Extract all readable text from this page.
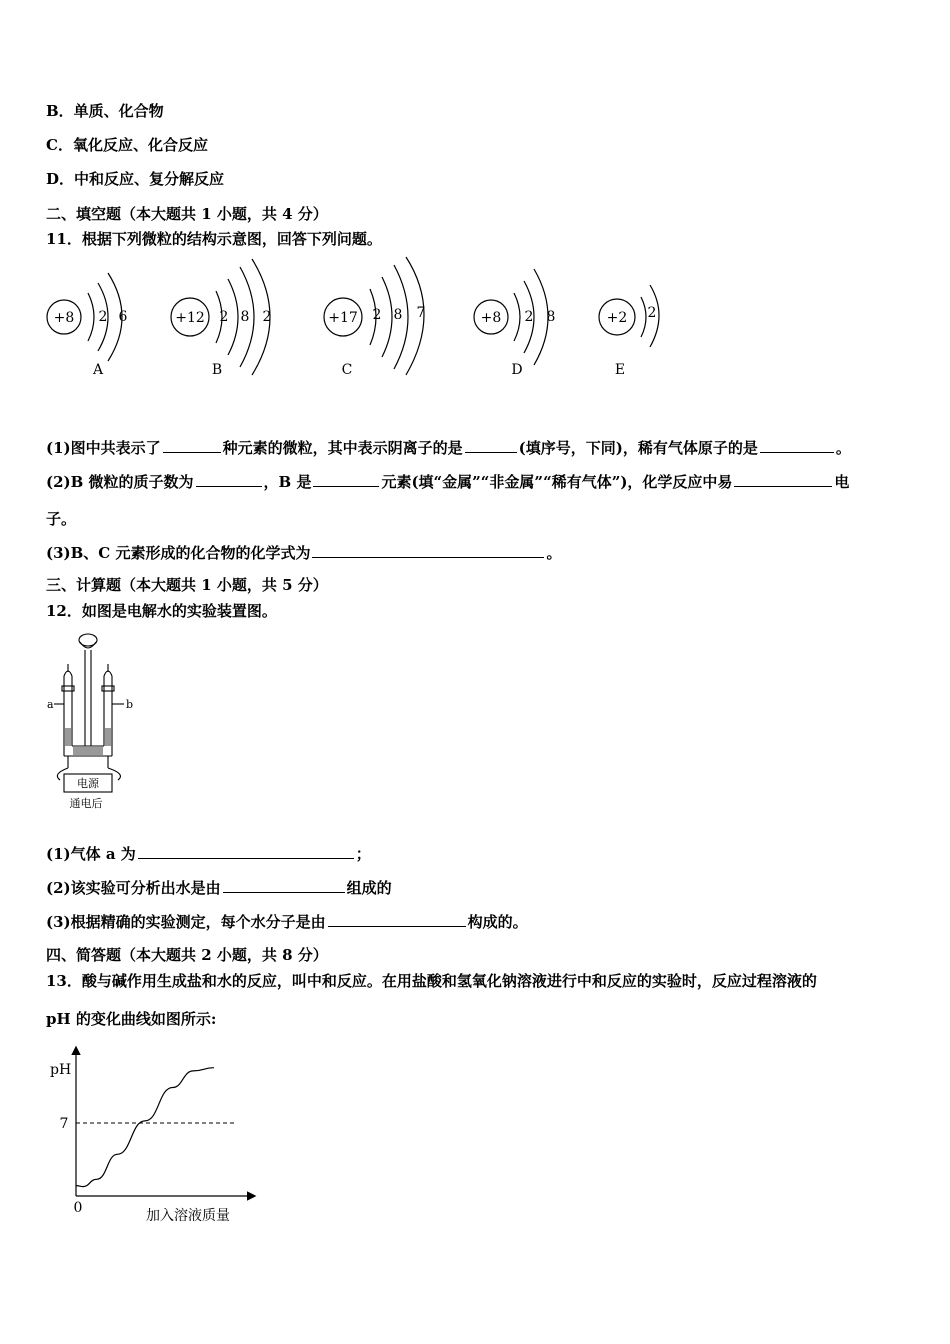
B．单质、化合物
C．氧化反应、化合反应
D．中和反应、复分解反应
二、填空题（本大题共 1 小题，共 4 分）
11．根据下列微粒的结构示意图，回答下列问题。
+8 2 6
A
+12 2 8 2
B
+17 2 8 7
C
+8 2 8
D
+2 2
E
(1)图中共表示了	种元素的微粒，其中表示阴离子的是	(填序号，下同)，稀有气体原子的是	。
(2)B 微粒的质子数为	，B 是	元素(填“金属”“非金属”“稀有气体”)，化学反应中易	电
子。
(3)B、C 元素形成的化合物的化学式为	。
三、计算题（本大题共 1 小题，共 5 分）
12．如图是电解水的实验装置图。
a	b
电源
通电后
(1)气体 a 为	；
(2)该实验可分析出水是由	组成的
(3)根据精确的实验测定，每个水分子是由	构成的。
四、简答题（本大题共 2 小题，共 8 分）
13．酸与碱作用生成盐和水的反应，叫中和反应。在用盐酸和氢氧化钠溶液进行中和反应的实验时，反应过程溶液的
pH 的变化曲线如图所示:
pH
7
0	加入溶液质量
